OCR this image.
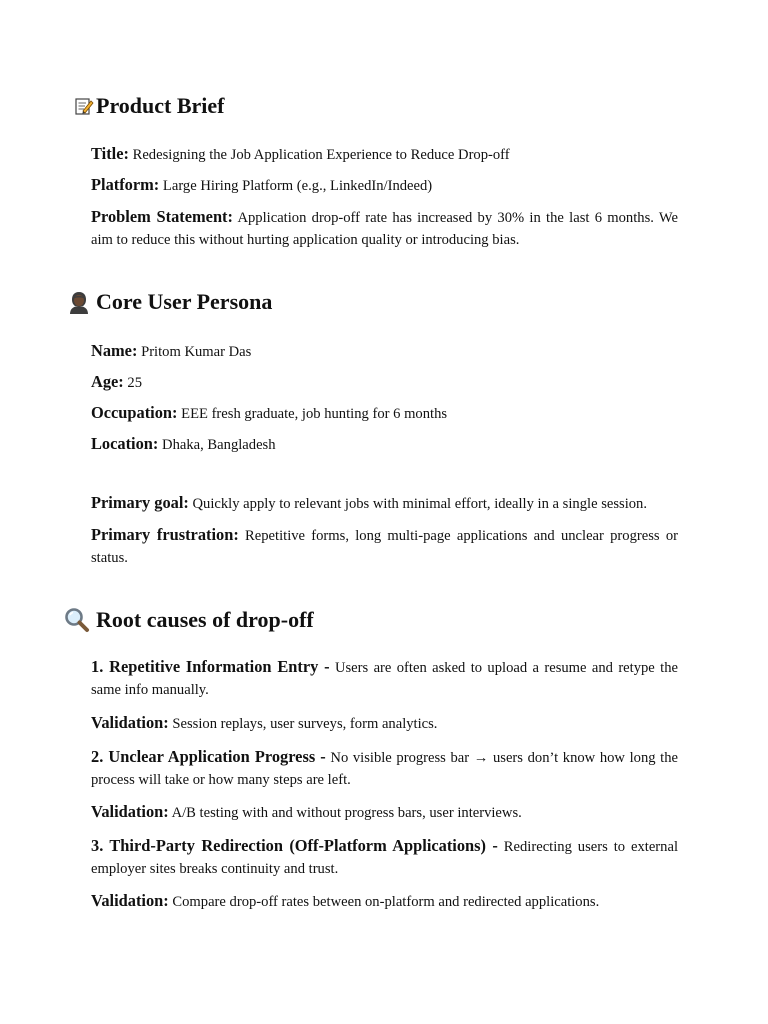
Product Brief

Title: Redesigning the Job Application Experience to Reduce Drop-off

Platform: Large Hiring Platform (e.g., LinkedIn/Indeed)

Problem Statement: Application drop-off rate has increased by 30% in the last 6 months. We aim to reduce this without hurting application quality or introducing bias.

Core User Persona

Name: Pritom Kumar Das

Age: 25

Occupation: EEE fresh graduate, job hunting for 6 months

Location: Dhaka, Bangladesh

Primary goal: Quickly apply to relevant jobs with minimal effort, ideally in a single session.

Primary frustration: Repetitive forms, long multi-page applications and unclear progress or status.

Root causes of drop-off

1. Repetitive Information Entry - Users are often asked to upload a resume and retype the same info manually.

Validation: Session replays, user surveys, form analytics.

2. Unclear Application Progress - No visible progress bar → users don’t know how long the process will take or how many steps are left.

Validation: A/B testing with and without progress bars, user interviews.

3. Third-Party Redirection (Off-Platform Applications) - Redirecting users to external employer sites breaks continuity and trust.

Validation: Compare drop-off rates between on-platform and redirected applications.
